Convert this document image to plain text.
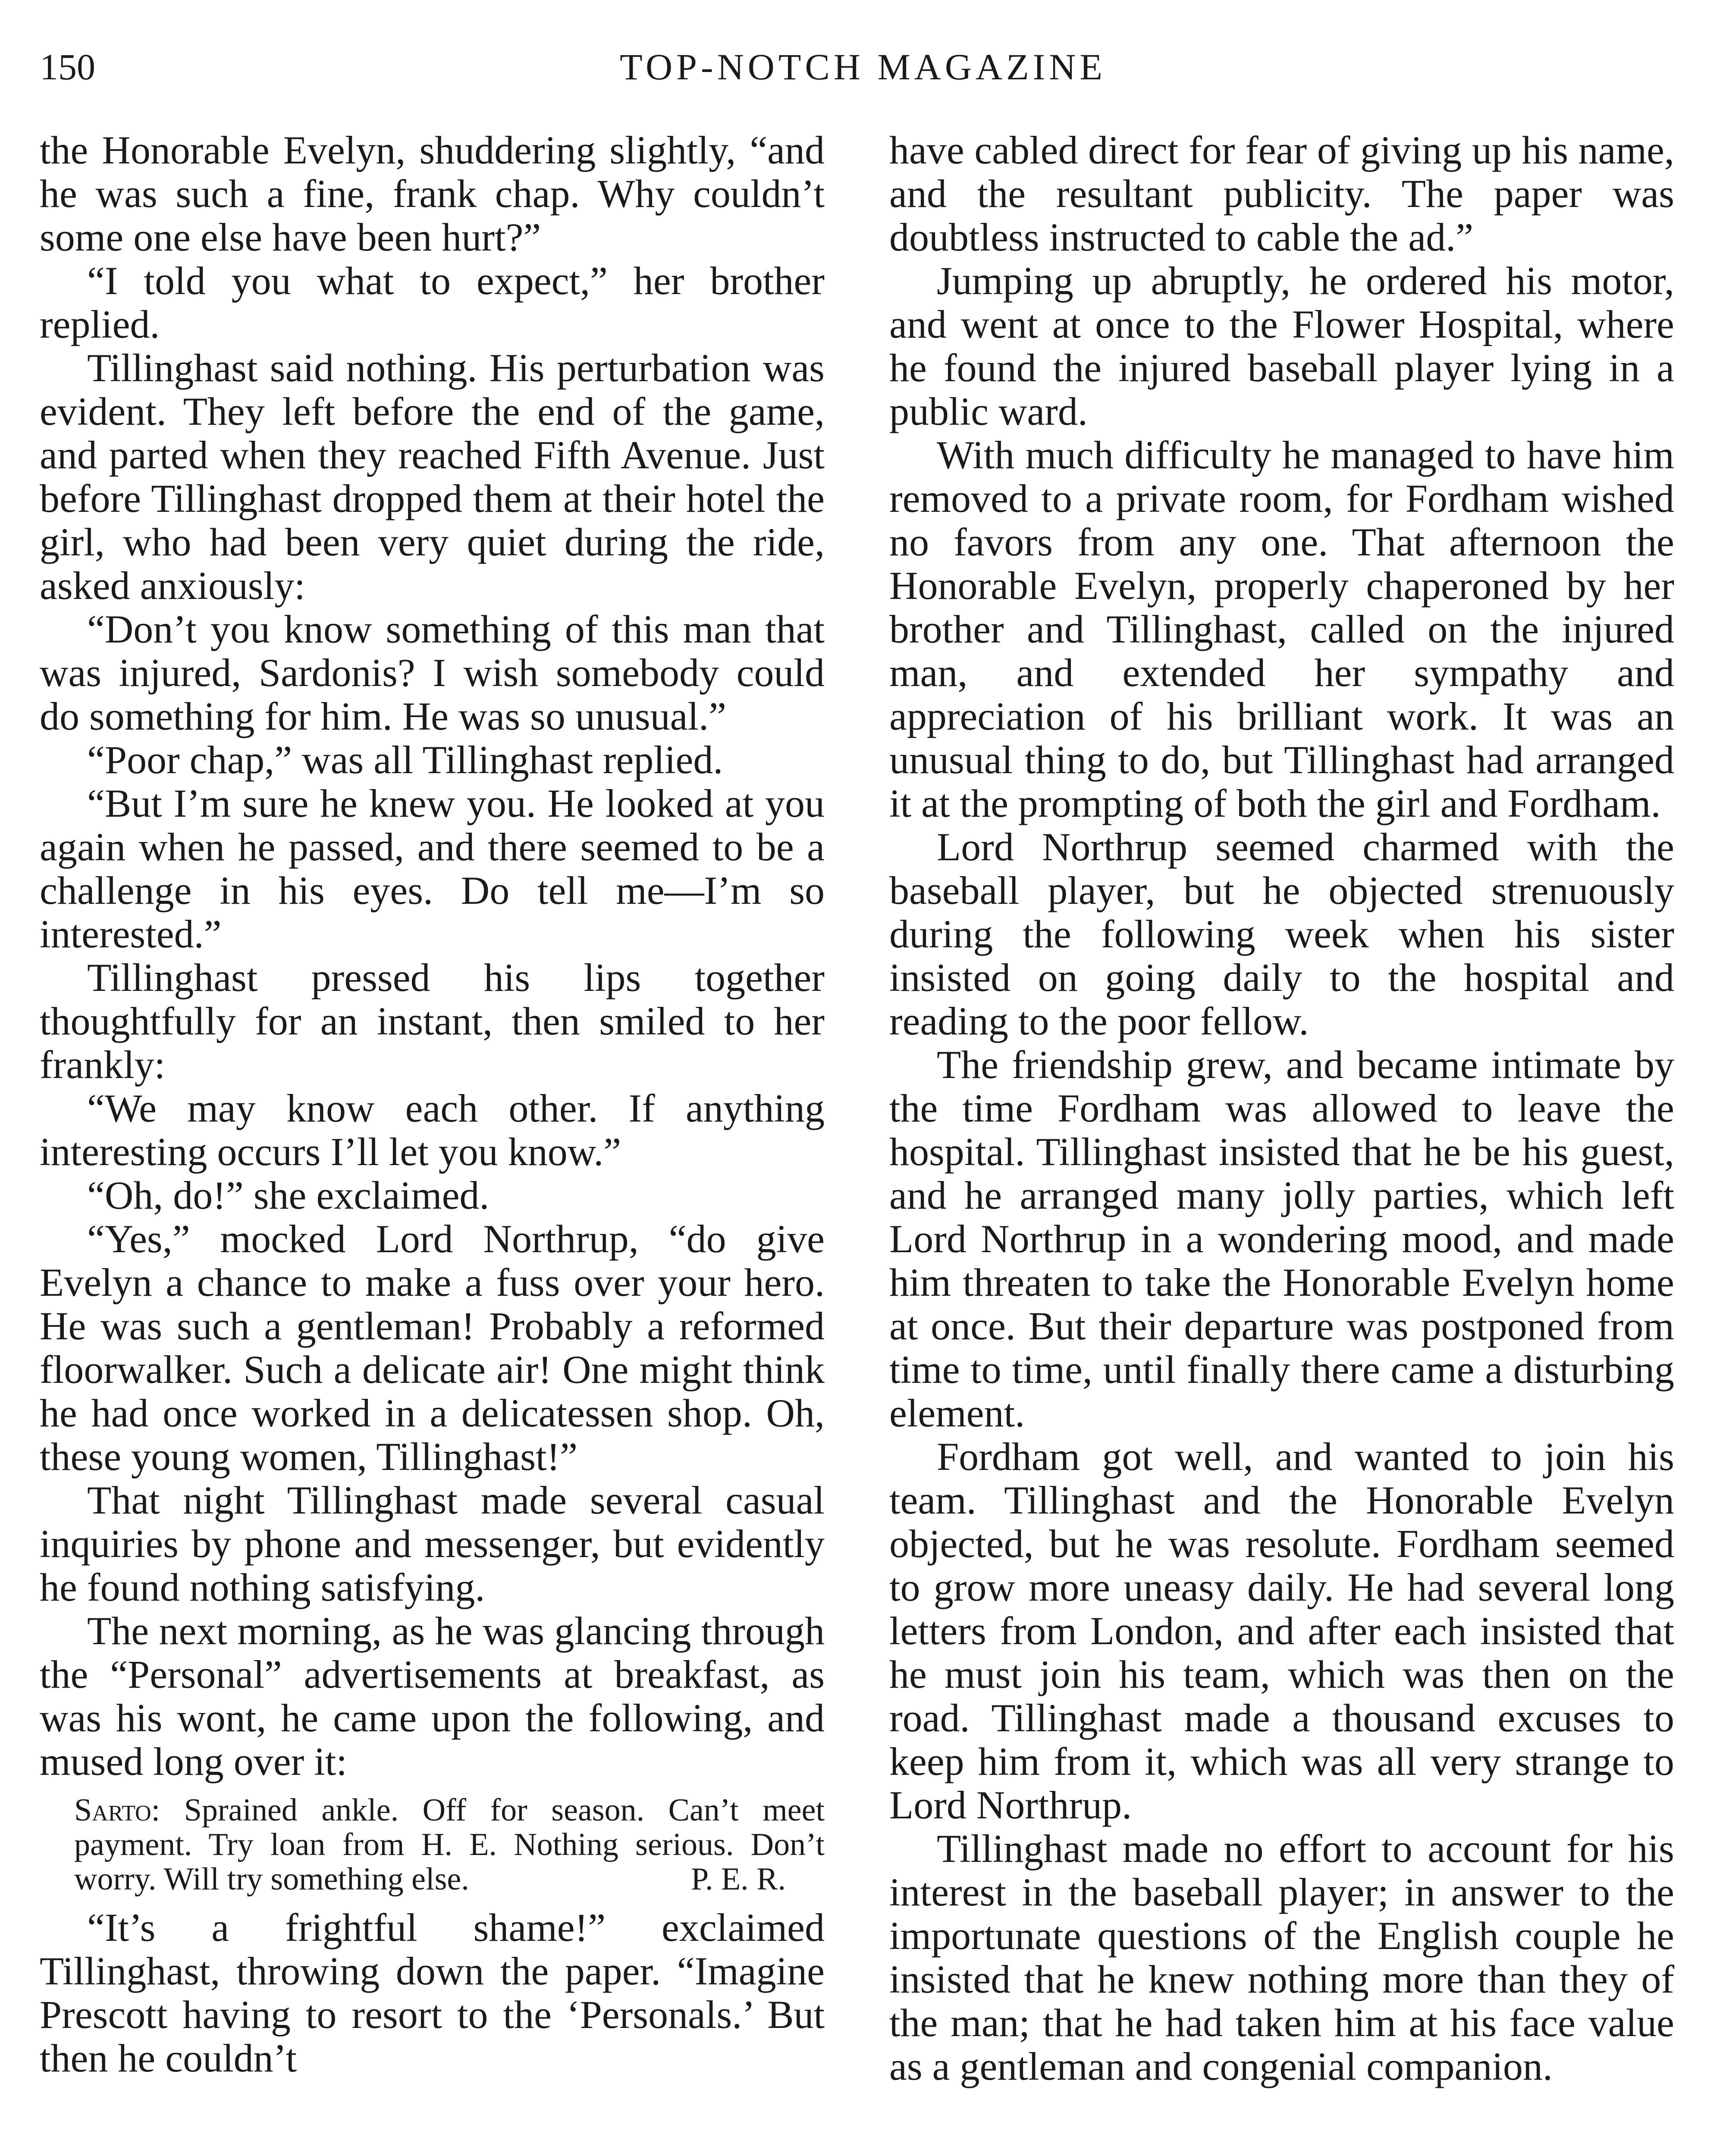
150	TOP-NOTCH MAGAZINE

the Honorable Evelyn, shuddering slightly, “and he was such a fine, frank chap. Why couldn’t some one else have been hurt?”

“I told you what to expect,” her brother replied.

Tillinghast said nothing. His perturbation was evident. They left before the end of the game, and parted when they reached Fifth Avenue. Just before Tillinghast dropped them at their hotel the girl, who had been very quiet during the ride, asked anxiously:

“Don’t you know something of this man that was injured, Sardonis? I wish somebody could do something for him. He was so unusual.”

“Poor chap,” was all Tillinghast replied.

“But I’m sure he knew you. He looked at you again when he passed, and there seemed to be a challenge in his eyes. Do tell me—I’m so interested.”

Tillinghast pressed his lips together thoughtfully for an instant, then smiled to her frankly:

“We may know each other. If anything interesting occurs I’ll let you know.”

“Oh, do!” she exclaimed.

“Yes,” mocked Lord Northrup, “do give Evelyn a chance to make a fuss over your hero. He was such a gentleman! Probably a reformed floorwalker. Such a delicate air! One might think he had once worked in a delicatessen shop. Oh, these young women, Tillinghast!”

That night Tillinghast made several casual inquiries by phone and messenger, but evidently he found nothing satisfying.

The next morning, as he was glancing through the “Personal” advertisements at breakfast, as was his wont, he came upon the following, and mused long over it:

Sarto: Sprained ankle. Off for season. Can’t meet payment. Try loan from H. E. Nothing serious. Don’t worry. Will try something else.	P. E. R.

“It’s a frightful shame!” exclaimed Tillinghast, throwing down the paper. “Imagine Prescott having to resort to the ‘Personals.’ But then he couldn’t

have cabled direct for fear of giving up his name, and the resultant publicity. The paper was doubtless instructed to cable the ad.”

Jumping up abruptly, he ordered his motor, and went at once to the Flower Hospital, where he found the injured baseball player lying in a public ward.

With much difficulty he managed to have him removed to a private room, for Fordham wished no favors from any one. That afternoon the Honorable Evelyn, properly chaperoned by her brother and Tillinghast, called on the injured man, and extended her sympathy and appreciation of his brilliant work. It was an unusual thing to do, but Tillinghast had arranged it at the prompting of both the girl and Fordham.

Lord Northrup seemed charmed with the baseball player, but he objected strenuously during the following week when his sister insisted on going daily to the hospital and reading to the poor fellow.

The friendship grew, and became intimate by the time Fordham was allowed to leave the hospital. Tillinghast insisted that he be his guest, and he arranged many jolly parties, which left Lord Northrup in a wondering mood, and made him threaten to take the Honorable Evelyn home at once. But their departure was postponed from time to time, until finally there came a disturbing element.

Fordham got well, and wanted to join his team. Tillinghast and the Honorable Evelyn objected, but he was resolute. Fordham seemed to grow more uneasy daily. He had several long letters from London, and after each insisted that he must join his team, which was then on the road. Tillinghast made a thousand excuses to keep him from it, which was all very strange to Lord Northrup.

Tillinghast made no effort to account for his interest in the baseball player; in answer to the importunate questions of the English couple he insisted that he knew nothing more than they of the man; that he had taken him at his face value as a gentleman and congenial companion.
